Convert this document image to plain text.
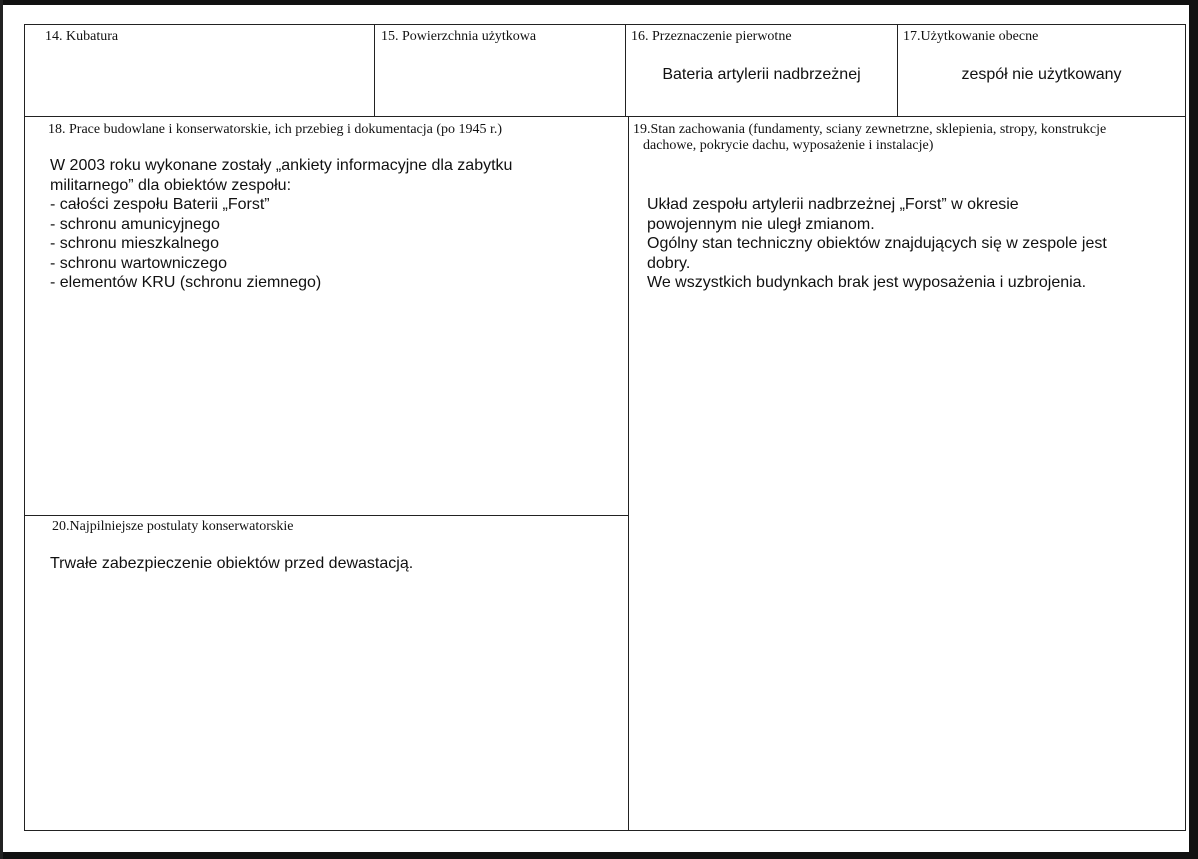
14. Kubatura	15. Powierzchnia użytkowa	16. Przeznaczenie pierwotne
Bateria artylerii nadbrzeżnej
17.Użytkowanie obecne
zespół nie użytkowany
18. Prace budowlane i konserwatorskie, ich przebieg i dokumentacja (po 1945 r.)
W 2003 roku wykonane zostały „ankiety informacyjne dla zabytku
militarnego” dla obiektów zespołu:
- całości zespołu Baterii „Forst”
- schronu amunicyjnego
- schronu mieszkalnego
- schronu wartowniczego
- elementów KRU (schronu ziemnego)
20.Najpilniejsze postulaty konserwatorskie
Trwałe zabezpieczenie obiektów przed dewastacją.
19.Stan zachowania (fundamenty, sciany zewnetrzne, sklepienia, stropy, konstrukcje
dachowe, pokrycie dachu, wyposażenie i instalacje)
Układ zespołu artylerii nadbrzeżnej „Forst” w okresie
powojennym nie uległ zmianom.
Ogólny stan techniczny obiektów znajdujących się w zespole jest
dobry.
We wszystkich budynkach brak jest wyposażenia i uzbrojenia.
